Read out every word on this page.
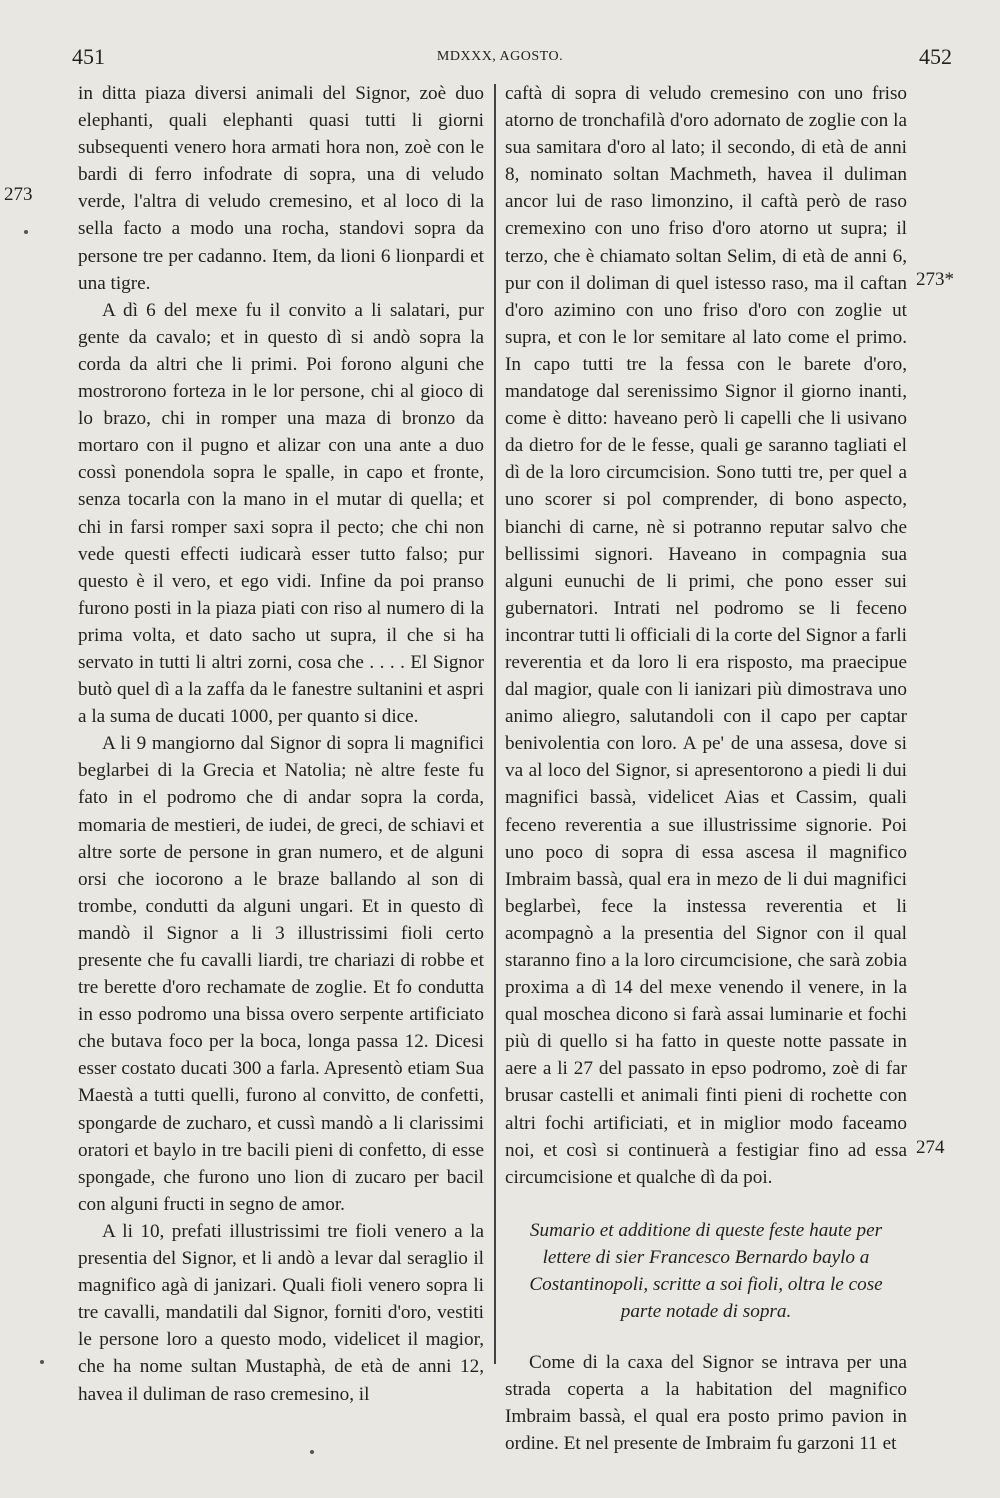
451	MDXXX, AGOSTO.	452
273
273*
274

in ditta piaza diversi animali del Signor, zoè duo elephanti, quali elephanti quasi tutti li giorni subsequenti venero hora armati hora non, zoè con le bardi di ferro infodrate di sopra, una di veludo verde, l'altra di veludo cremesino, et al loco di la sella facto a modo una rocha, standovi sopra da persone tre per cadanno. Item, da lioni 6 lionpardi et una tigre.

A dì 6 del mexe fu il convito a li salatari, pur gente da cavalo; et in questo dì si andò sopra la corda da altri che li primi. Poi forono alguni che mostrorono forteza in le lor persone, chi al gioco di lo brazo, chi in romper una maza di bronzo da mortaro con il pugno et alizar con una ante a duo cossì ponendola sopra le spalle, in capo et fronte, senza tocarla con la mano in el mutar di quella; et chi in farsi romper saxi sopra il pecto; che chi non vede questi effecti iudicarà esser tutto falso; pur questo è il vero, et ego vidi. Infine da poi pranso furono posti in la piaza piati con riso al numero di la prima volta, et dato sacho ut supra, il che si ha servato in tutti li altri zorni, cosa che . . . . El Signor butò quel dì a la zaffa da le fanestre sultanini et aspri a la suma de ducati 1000, per quanto si dice.

A li 9 mangiorno dal Signor di sopra li magnifici beglarbei di la Grecia et Natolia; nè altre feste fu fato in el podromo che di andar sopra la corda, momaria de mestieri, de iudei, de greci, de schiavi et altre sorte de persone in gran numero, et de alguni orsi che iocorono a le braze ballando al son di trombe, condutti da alguni ungari. Et in questo dì mandò il Signor a li 3 illustrissimi fioli certo presente che fu cavalli liardi, tre chariazi di robbe et tre berette d'oro rechamate de zoglie. Et fo condutta in esso podromo una bissa overo serpente artificiato che butava foco per la boca, longa passa 12. Dicesi esser costato ducati 300 a farla. Apresentò etiam Sua Maestà a tutti quelli, furono al convitto, de confetti, spongarde de zucharo, et cussì mandò a li clarissimi oratori et baylo in tre bacili pieni di confetto, di esse spongade, che furono uno lion di zucaro per bacil con alguni fructi in segno de amor.

A li 10, prefati illustrissimi tre fioli venero a la presentia del Signor, et li andò a levar dal seraglio il magnifico agà di janizari. Quali fioli venero sopra li tre cavalli, mandatili dal Signor, forniti d'oro, vestiti le persone loro a questo modo, videlicet il magior, che ha nome sultan Mustaphà, de età de anni 12, havea il duliman de raso cremesino, il

caftà di sopra di veludo cremesino con uno friso atorno de tronchafilà d'oro adornato de zoglie con la sua samitara d'oro al lato; il secondo, di età de anni 8, nominato soltan Machmeth, havea il duliman ancor lui de raso limonzino, il caftà però de raso cremexino con uno friso d'oro atorno ut supra; il terzo, che è chiamato soltan Selim, di età de anni 6, pur con il doliman di quel istesso raso, ma il caftan d'oro azimino con uno friso d'oro con zoglie ut supra, et con le lor semitare al lato come el primo. In capo tutti tre la fessa con le barete d'oro, mandatoge dal serenissimo Signor il giorno inanti, come è ditto: haveano però li capelli che li usivano da dietro for de le fesse, quali ge saranno tagliati el dì de la loro circumcision. Sono tutti tre, per quel a uno scorer si pol comprender, di bono aspecto, bianchi di carne, nè si potranno reputar salvo che bellissimi signori. Haveano in compagnia sua alguni eunuchi de li primi, che pono esser sui gubernatori. Intrati nel podromo se li feceno incontrar tutti li officiali di la corte del Signor a farli reverentia et da loro li era risposto, ma praecipue dal magior, quale con li ianizari più dimostrava uno animo aliegro, salutandoli con il capo per captar benivolentia con loro. A pe' de una assesa, dove si va al loco del Signor, si apresentorono a piedi li dui magnifici bassà, videlicet Aias et Cassim, quali feceno reverentia a sue illustrissime signorie. Poi uno poco di sopra di essa ascesa il magnifico Imbraim bassà, qual era in mezo de li dui magnifici beglarbeì, fece la instessa reverentia et li acompagnò a la presentia del Signor con il qual staranno fino a la loro circumcisione, che sarà zobia proxima a dì 14 del mexe venendo il venere, in la qual moschea dicono si farà assai luminarie et fochi più di quello si ha fatto in queste notte passate in aere a li 27 del passato in epso podromo, zoè di far brusar castelli et animali finti pieni di rochette con altri fochi artificiati, et in miglior modo faceamo noi, et così si continuerà a festigiar fino ad essa circumcisione et qualche dì da poi.

Sumario et additione di queste feste haute per lettere di sier Francesco Bernardo baylo a Costantinopoli, scritte a soi fioli, oltra le cose parte notade di sopra.

Come di la caxa del Signor se intrava per una strada coperta a la habitation del magnifico Imbraim bassà, el qual era posto primo pavion in ordine. Et nel presente de Imbraim fu garzoni 11 et
